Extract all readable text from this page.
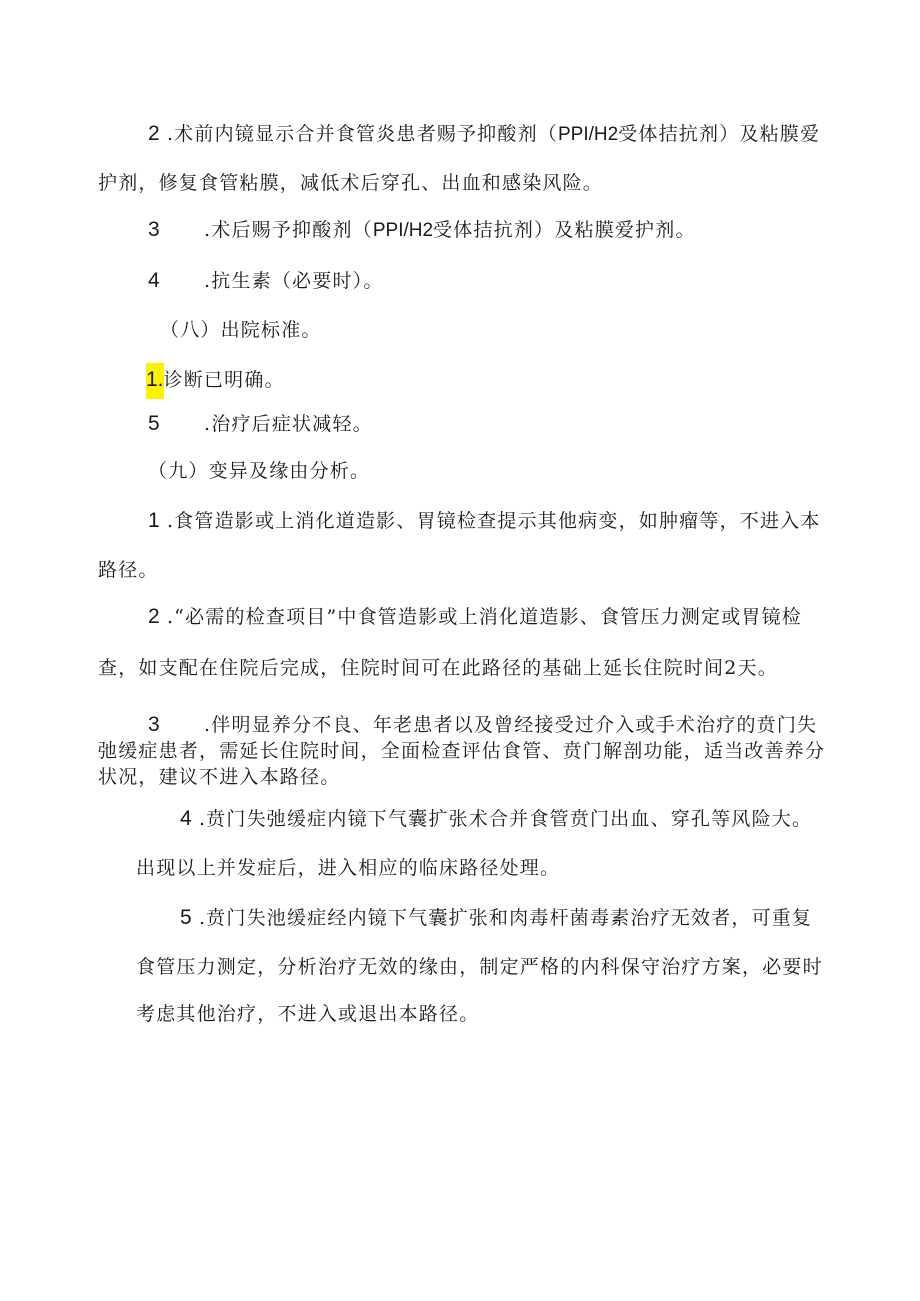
2 .术前内镜显示合并食管炎患者赐予抑酸剂（PPI/H2受体拮抗剂）及粘膜爱
护剂，修复食管粘膜，减低术后穿孔、出血和感染风险。
3 .术后赐予抑酸剂（PPI/H2受体拮抗剂）及粘膜爱护剂。
4 .抗生素（必要时）。
（八）出院标准。
1.诊断已明确。
5 .治疗后症状减轻。
（九）变异及缘由分析。
1 .食管造影或上消化道造影、胃镜检查提示其他病变，如肿瘤等，不进入本
路径。
2 .“必需的检查项目”中食管造影或上消化道造影、食管压力测定或胃镜检
查，如支配在住院后完成，住院时间可在此路径的基础上延长住院时间2天。
3 .伴明显养分不良、年老患者以及曾经接受过介入或手术治疗的贲门失
弛缓症患者，需延长住院时间，全面检查评估食管、贲门解剖功能，适当改善养分
状况，建议不进入本路径。
4 .贲门失弛缓症内镜下气囊扩张术合并食管贲门出血、穿孔等风险大。
出现以上并发症后，进入相应的临床路径处理。
5 .贲门失池缓症经内镜下气囊扩张和肉毒杆菌毒素治疗无效者，可重复
食管压力测定，分析治疗无效的缘由，制定严格的内科保守治疗方案，必要时
考虑其他治疗，不进入或退出本路径。
